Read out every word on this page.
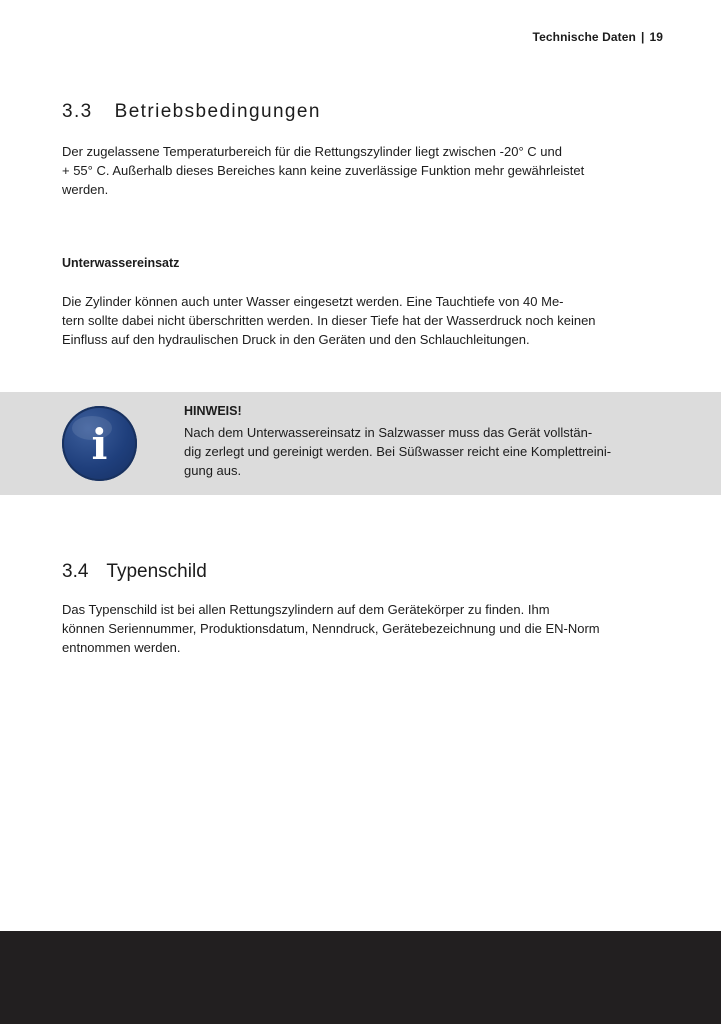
Technische Daten | 19
3.3 Betriebsbedingungen

Der zugelassene Temperaturbereich für die Rettungszylinder liegt zwischen -20° C und
+ 55° C. Außerhalb dieses Bereiches kann keine zuverlässige Funktion mehr gewährleistet
werden.

Unterwassereinsatz

Die Zylinder können auch unter Wasser eingesetzt werden. Eine Tauchtiefe von 40 Me-
tern sollte dabei nicht überschritten werden. In dieser Tiefe hat der Wasserdruck noch keinen
Einfluss auf den hydraulischen Druck in den Geräten und den Schlauchleitungen.

i

HINWEIS!

Nach dem Unterwassereinsatz in Salzwasser muss das Gerät vollstän-
dig zerlegt und gereinigt werden. Bei Süßwasser reicht eine Komplettreini-
gung aus.

3.4 Typenschild

Das Typenschild ist bei allen Rettungszylindern auf dem Gerätekörper zu finden. Ihm
können Seriennummer, Produktionsdatum, Nenndruck, Gerätebezeichnung und die EN-Norm
entnommen werden.
